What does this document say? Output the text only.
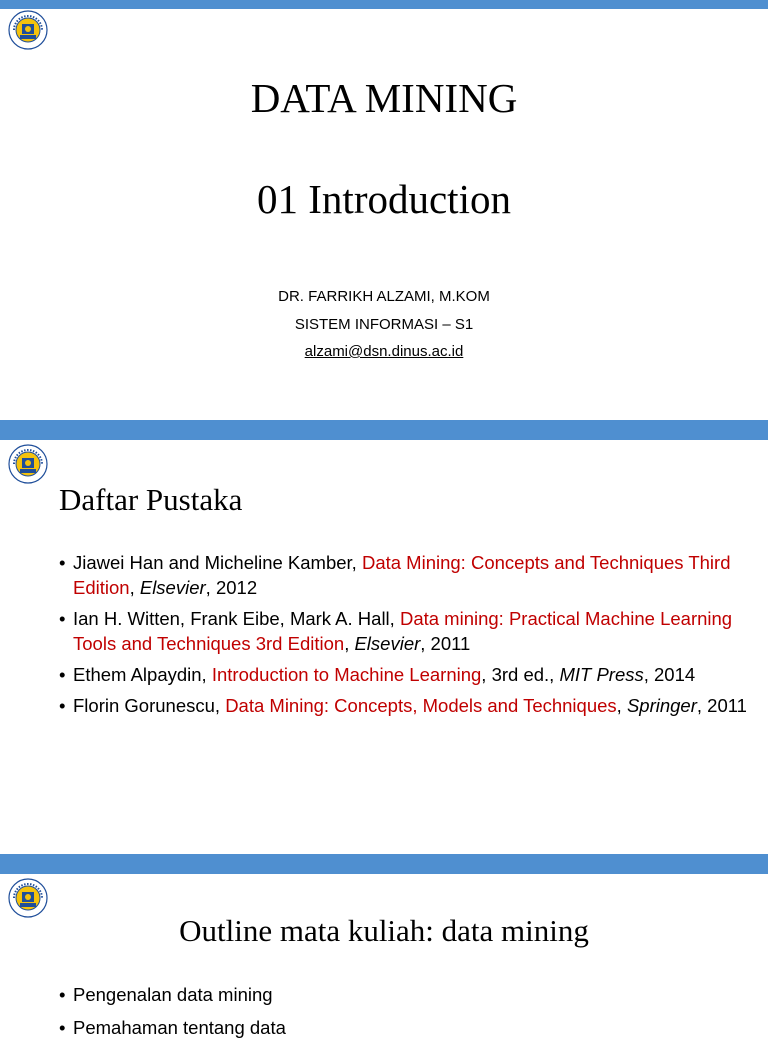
DATA MINING
01 Introduction
DR. FARRIKH ALZAMI, M.KOM
SISTEM INFORMASI – S1
alzami@dsn.dinus.ac.id
Daftar Pustaka
• Jiawei Han and Micheline Kamber, Data Mining: Concepts and Techniques Third Edition, Elsevier, 2012
• Ian H. Witten, Frank Eibe, Mark A. Hall, Data mining: Practical Machine Learning Tools and Techniques 3rd Edition, Elsevier, 2011
• Ethem Alpaydin, Introduction to Machine Learning, 3rd ed., MIT Press, 2014
• Florin Gorunescu, Data Mining: Concepts, Models and Techniques, Springer, 2011
Outline mata kuliah: data mining
• Pengenalan data mining
• Pemahaman tentang data
